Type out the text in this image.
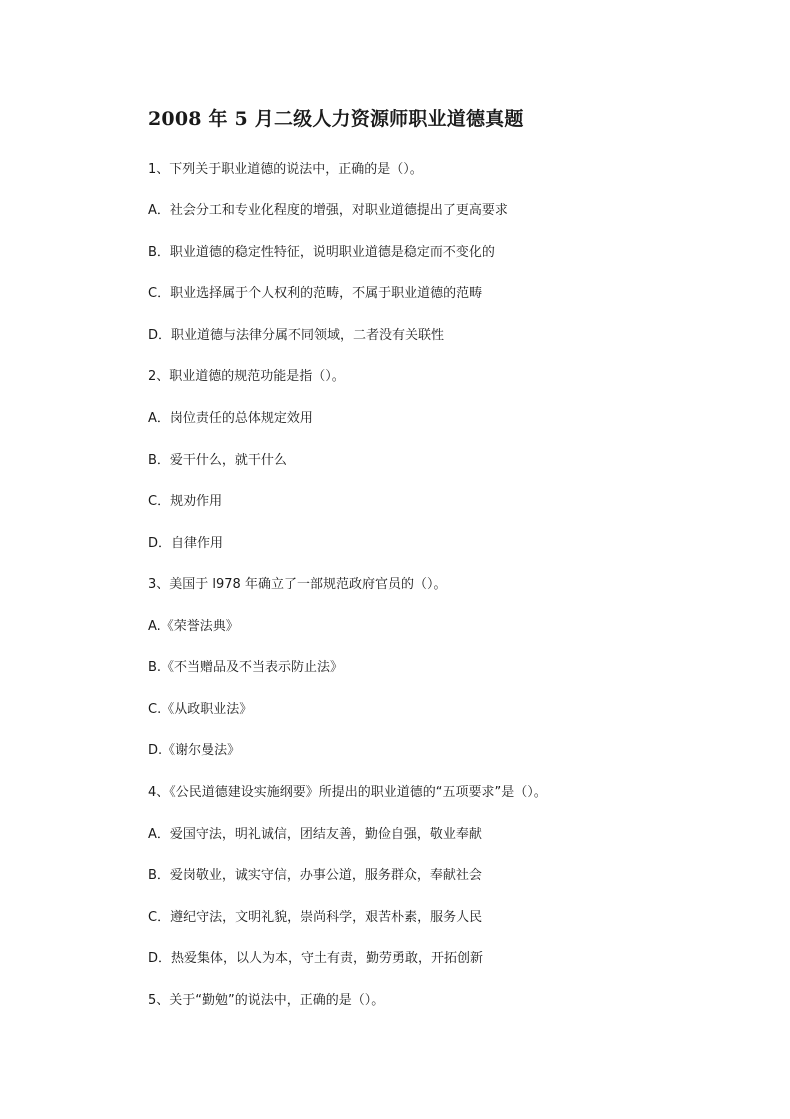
2008 年 5 月二级人力资源师职业道德真题
1、下列关于职业道德的说法中，正确的是（）。
A．社会分工和专业化程度的增强，对职业道德提出了更高要求
B．职业道德的稳定性特征，说明职业道德是稳定而不变化的
C．职业选择属于个人权利的范畴，不属于职业道德的范畴
D．职业道德与法律分属不同领域，二者没有关联性
2、职业道德的规范功能是指（）。
A．岗位责任的总体规定效用
B．爱干什么，就干什么
C．规劝作用
D．自律作用
3、美国于 l978 年确立了一部规范政府官员的（）。
A.《荣誉法典》
B.《不当赠品及不当表示防止法》
C.《从政职业法》
D.《谢尔曼法》
4、《公民道德建设实施纲要》所提出的职业道德的“五项要求”是（）。
A．爱国守法，明礼诚信，团结友善，勤俭自强，敬业奉献
B．爱岗敬业，诚实守信，办事公道，服务群众，奉献社会
C．遵纪守法，文明礼貌，崇尚科学，艰苦朴素，服务人民
D．热爱集体，以人为本，守土有责，勤劳勇敢，开拓创新
5、关于“勤勉”的说法中，正确的是（）。
